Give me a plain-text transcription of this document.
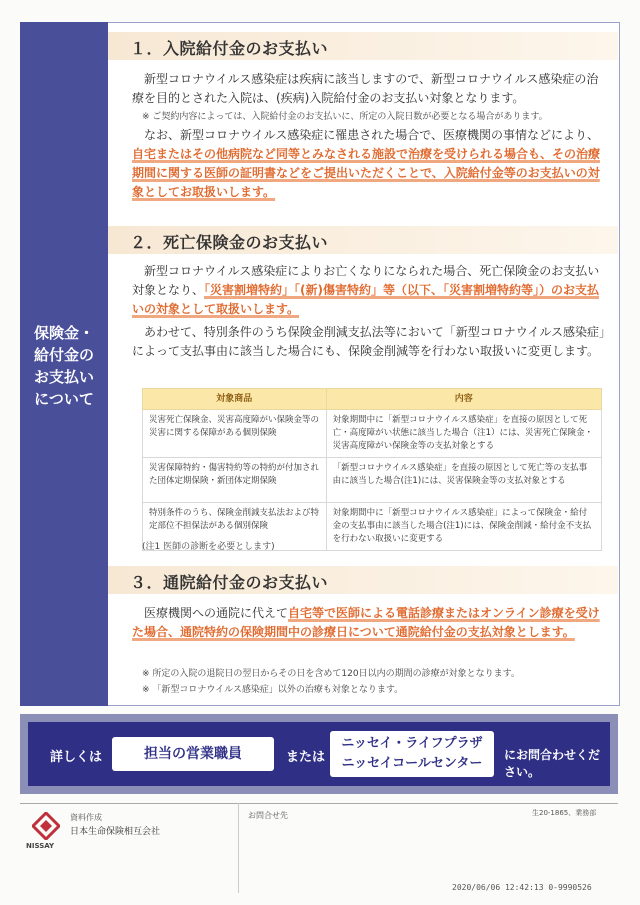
保険金・
給付金の
お支払い
について
１．入院給付金のお支払い
新型コロナウイルス感染症は疾病に該当しますので、新型コロナウイルス感染症の治療を目的とされた入院は、(疾病)入院給付金のお支払い対象となります。
※ ご契約内容によっては、入院給付金のお支払いに、所定の入院日数が必要となる場合があります。
なお、新型コロナウイルス感染症に罹患された場合で、医療機関の事情などにより、自宅またはその他病院など同等とみなされる施設で治療を受けられる場合も、その治療期間に関する医師の証明書などをご提出いただくことで、入院給付金等のお支払いの対象としてお取扱いします。
２．死亡保険金のお支払い
新型コロナウイルス感染症によりお亡くなりになられた場合、死亡保険金のお支払い対象となり、「災害割増特約」「(新)傷害特約」等（以下、「災害割増特約等」）のお支払いの対象として取扱いします。
あわせて、特別条件のうち保険金削減支払法等において「新型コロナウイルス感染症」によって支払事由に該当した場合にも、保険金削減等を行わない取扱いに変更します。
対象商品	内容
災害死亡保険金、災害高度障がい保険金等の災害に関する保障がある個別保険	対象期間中に「新型コロナウイルス感染症」を直接の原因として死亡・高度障がい状態に該当した場合（注1）には、災害死亡保険金・災害高度障がい保険金等の支払対象とする
災害保障特約・傷害特約等の特約が付加された団体定期保険・新団体定期保険	「新型コロナウイルス感染症」を直接の原因として死亡等の支払事由に該当した場合(注1)には、災害保険金等の支払対象とする
特別条件のうち、保険金削減支払法および特定部位不担保法がある個別保険	対象期間中に「新型コロナウイルス感染症」によって保険金・給付金の支払事由に該当した場合(注1)には、保険金削減・給付金不支払を行わない取扱いに変更する
(注1 医師の診断を必要とします)
３．通院給付金のお支払い
医療機関への通院に代えて自宅等で医師による電話診療またはオンライン診療を受けた場合、通院特約の保険期間中の診療日について通院給付金の支払対象とします。
※ 所定の入院の退院日の翌日からその日を含めて120日以内の期間の診療が対象となります。
※ 「新型コロナウイルス感染症」以外の治療も対象となります。
詳しくは	担当の営業職員	または
ニッセイ・ライフプラザ
ニッセイコールセンター
にお問合わせください。
NISSAY
資料作成
日本生命保険相互会社
お問合せ先	生20-1865、業務部
2020/06/06 12:42:13 0-9990526
